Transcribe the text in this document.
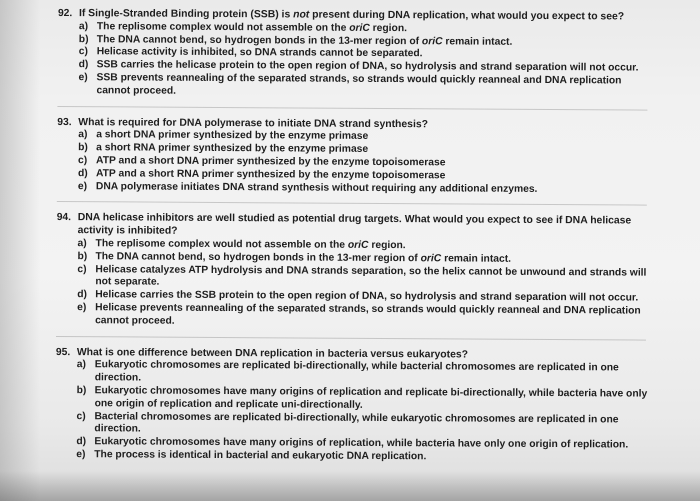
92. If Single-Stranded Binding protein (SSB) is not present during DNA replication, what would you expect to see?
a) The replisome complex would not assemble on the oriC region.
b) The DNA cannot bend, so hydrogen bonds in the 13-mer region of oriC remain intact.
c) Helicase activity is inhibited, so DNA strands cannot be separated.
d) SSB carries the helicase protein to the open region of DNA, so hydrolysis and strand separation will not occur.
e) SSB prevents reannealing of the separated strands, so strands would quickly reanneal and DNA replication cannot proceed.
93. What is required for DNA polymerase to initiate DNA strand synthesis?
a) a short DNA primer synthesized by the enzyme primase
b) a short RNA primer synthesized by the enzyme primase
c) ATP and a short DNA primer synthesized by the enzyme topoisomerase
d) ATP and a short RNA primer synthesized by the enzyme topoisomerase
e) DNA polymerase initiates DNA strand synthesis without requiring any additional enzymes.
94. DNA helicase inhibitors are well studied as potential drug targets. What would you expect to see if DNA helicase activity is inhibited?
a) The replisome complex would not assemble on the oriC region.
b) The DNA cannot bend, so hydrogen bonds in the 13-mer region of oriC remain intact.
c) Helicase catalyzes ATP hydrolysis and DNA strands separation, so the helix cannot be unwound and strands will not separate.
d) Helicase carries the SSB protein to the open region of DNA, so hydrolysis and strand separation will not occur.
e) Helicase prevents reannealing of the separated strands, so strands would quickly reanneal and DNA replication cannot proceed.
95. What is one difference between DNA replication in bacteria versus eukaryotes?
a) Eukaryotic chromosomes are replicated bi-directionally, while bacterial chromosomes are replicated in one direction.
b) Eukaryotic chromosomes have many origins of replication and replicate bi-directionally, while bacteria have only one origin of replication and replicate uni-directionally.
c) Bacterial chromosomes are replicated bi-directionally, while eukaryotic chromosomes are replicated in one direction.
d) Eukaryotic chromosomes have many origins of replication, while bacteria have only one origin of replication.
e) The process is identical in bacterial and eukaryotic DNA replication.
